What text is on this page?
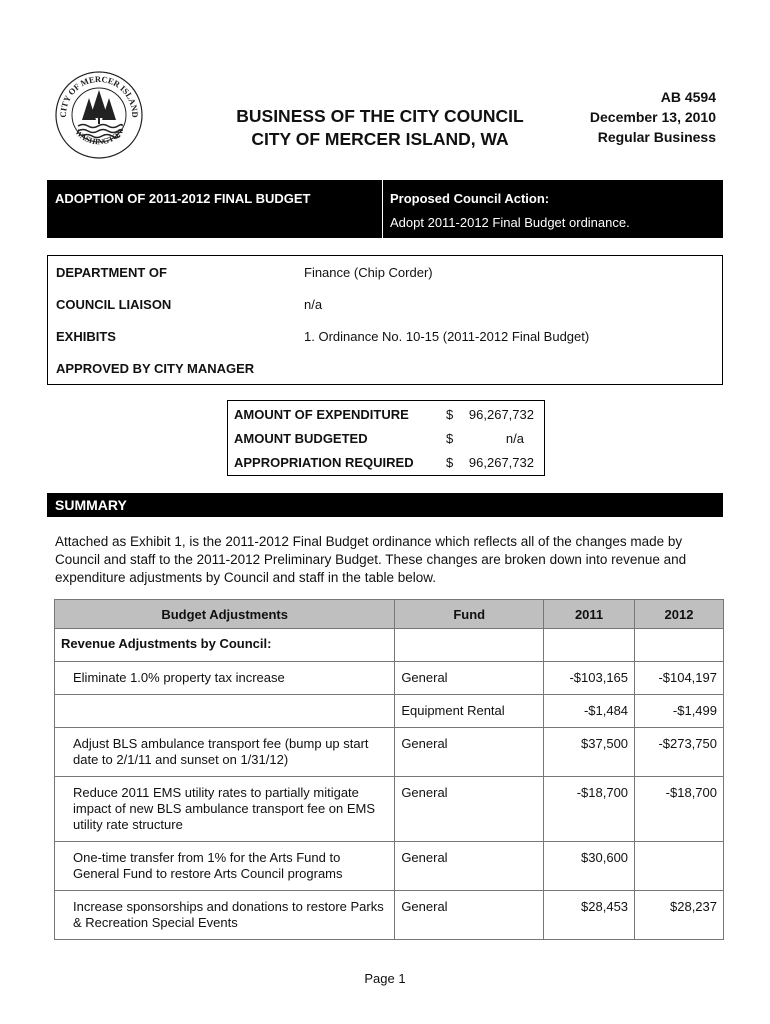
CITY OF MERCER ISLAND
WASHINGTON
BUSINESS OF THE CITY COUNCIL
CITY OF MERCER ISLAND, WA
AB 4594
December 13, 2010
Regular Business
ADOPTION OF 2011-2012 FINAL BUDGET	Proposed Council Action:
Adopt 2011-2012 Final Budget ordinance.
DEPARTMENT OF	Finance (Chip Corder)
COUNCIL LIAISON	n/a
EXHIBITS	1. Ordinance No. 10-15 (2011-2012 Final Budget)
APPROVED BY CITY MANAGER
AMOUNT OF EXPENDITURE	$ 96,267,732
AMOUNT BUDGETED	$	n/a
APPROPRIATION REQUIRED $ 96,267,732
SUMMARY
Attached as Exhibit 1, is the 2011-2012 Final Budget ordinance which reflects all of the changes made by Council and staff to the 2011-2012 Preliminary Budget. These changes are broken down into revenue and expenditure adjustments by Council and staff in the table below.
Budget Adjustments	Fund	2011	2012
Revenue Adjustments by Council:			
Eliminate 1.0% property tax increase	General	-$103,165	-$104,197
	Equipment Rental	-$1,484	-$1,499
Adjust BLS ambulance transport fee (bump up start date to 2/1/11 and sunset on 1/31/12)	General	$37,500	-$273,750
Reduce 2011 EMS utility rates to partially mitigate impact of new BLS ambulance transport fee on EMS utility rate structure	General	-$18,700	-$18,700
One-time transfer from 1% for the Arts Fund to General Fund to restore Arts Council programs	General	$30,600	
Increase sponsorships and donations to restore Parks & Recreation Special Events	General	$28,453	$28,237
Page 1
